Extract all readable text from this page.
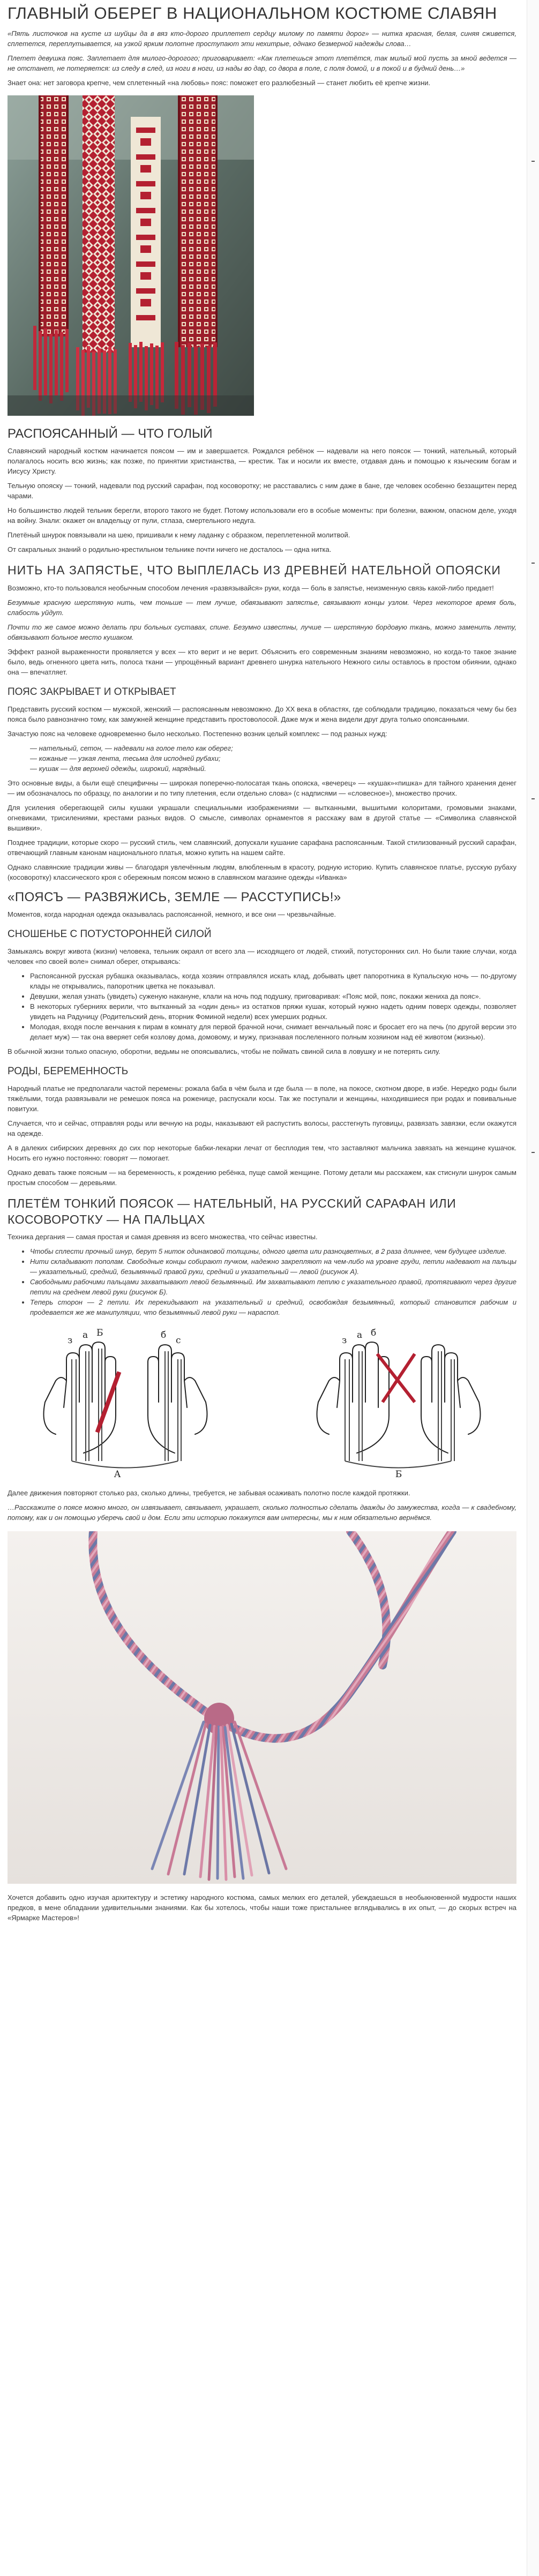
ГЛАВНЫЙ ОБЕРЕГ В НАЦИОНАЛЬНОМ КОСТЮМЕ СЛАВЯН

«Пять листочков на кусте из шуйцы да в вяз кто-дорого приплетет сердцу милому по памяти дорог» — нитка красная, белая, синяя сживется, сплетется, переплутывается, на узкой ярким полотне проступают эти нехитрые, однако безмерной надежды слова…

Плетет девушка пояс. Заплетает для милого-дорогого; приговаривает: «Как плетешься этот плетётся, так милый мой пусть за мной ведется — не отстанет, не потеряется: из следу в след, из ноги в ноги, из нады во дар, со двора в поле, с поля домой, и в покой и в будний день…»

Знает она: нет заговора крепче, чем сплетенный «на любовь» пояс: поможет его разлюбезный — станет любить её крепче жизни.

РАСПОЯСАННЫЙ — ЧТО ГОЛЫЙ

Славянский народный костюм начинается поясом — им и завершается. Рождался ребёнок — надевали на него поясок — тонкий, нательный, который полагалось носить всю жизнь; как позже, по принятии христианства, — крестик. Так и носили их вместе, отдавая дань и помощью к языческим богам и Иисусу Христу.

Тельную опояску — тонкий, надевали под русский сарафан, под косоворотку; не расставались с ним даже в бане, где человек особенно беззащитен перед чарами.

Но большинство людей тельник берегли, второго такого не будет. Потому использовали его в особые моменты: при болезни, важном, опасном деле, уходя на войну. Знали: окажет он владельцу от пули, стлаза, смертельного недуга.

Плетёный шнурок повязывали на шею, пришивали к нему ладанку с образком, переплетенной молитвой.

От сакральных знаний о родильно-крестильном тельнике почти ничего не досталось — одна нитка.

НИТЬ НА ЗАПЯСТЬЕ, ЧТО ВЫПЛЕЛАСЬ ИЗ ДРЕВНЕЙ НАТЕЛЬНОЙ ОПОЯСКИ

Возможно, кто-то пользовался необычным способом лечения «развязывайся» руки, когда — боль в запястье, неизменную связь какой-либо предает!

Безумные красную шерстяную нить, чем тоньше — тем лучше, обвязывают запястье, связывают концы узлом. Через некоторое время боль, слабость уйдут.

Почти то же самое можно делать при больных суставах, спине. Безумно известны, лучше — шерстяную бордовую ткань, можно заменить ленту, обвязывают больное место кушаком.

Эффект разной выраженности проявляется у всех — кто верит и не верит. Объяснить его современным знаниям невозможно, но когда-то такое знание было, ведь огненного цвета нить, полоса ткани — упрощённый вариант древнего шнурка нательного Нежного силы оставлось в простом обиянии, однако она — впечатляет.

ПОЯС ЗАКРЫВАЕТ И ОТКРЫВАЕТ

Представить русский костюм — мужской, женский — распоясанным невозможно. До XX века в областях, где соблюдали традицию, показаться чему бы без пояса было равнозначно тому, как замужней женщине представить простоволосой. Даже муж и жена видели друг друга только опоясанными.

Зачастую пояс на человеке одновременно было несколько. Постепенно возник целый комплекс — под разных нужд:

— нательный, сетон, — надевали на голое тело как оберег;
— кожаные — узкая лента, тесьма для исподней рубахи;
— кушак — для верхней одежды, широкий, нарядный.

Это основные виды, а были ещё специфичны — широкая поперечно-полосатая ткань опояска, «вечерец» — «кушак»«пишка» для тайного хранения денег — им обозначалось по образцу, по аналогии и по типу плетения, если отдельно слова» (с надписями — «словесное»), множество прочих.

Для усиления оберегающей силы кушаки украшали специальными изображениями — вытканными, вышитыми колоритами, громовыми знаками, огневиками, трисилениями, крестами разных видов. О смысле, символах орнаментов я расскажу вам в другой статье — «Символика славянской вышивки».

Позднее традиции, которые скоро — русский стиль, чем славянский, допускали кушание сарафана распоясанным. Такой стилизованный русский сарафан, отвечающий главным канонам национального платья, можно купить на нашем сайте.

Однако славянские традиции живы — благодаря увлечённым людям, влюбленным в красоту, родную историю. Купить славянское платье, русскую рубаху (косоворотку) классического кроя с обережным поясом можно в славянском магазине одежды «Иванка»

«ПОЯСЪ — РАЗВЯЖИСЬ, ЗЕМЛЕ — РАССТУПИСЬ!»

Моментов, когда народная одежда оказывалась распоясанной, немного, и все они — чрезвычайные.

СНОШЕНЬЕ С ПОТУСТОРОННЕЙ СИЛОЙ

Замыкаясь вокруг живота (жизни) человека, тельник окраял от всего зла — исходящего от людей, стихий, потусторонних сил. Но были такие случаи, когда человек «по своей воле» снимал оберег, открываясь:

• Распоясанной русская рубашка оказывалась, когда хозяин отправлялся искать клад, добывать цвет папоротника в Купальскую ночь — по-другому клады не открывались, папоротник цветка не показывал.
• Девушки, желая узнать (увидеть) суженую накануне, клали на ночь под подушку, приговаривая: «Пояс мой, пояс, покажи жениха да пояс».
• В некоторых губерниях верили, что вытканный за «один день» из остатков пряжи кушак, который нужно надеть одним поверх одежды, позволяет увидеть на Радуницу (Родительский день, вторник Фоминой недели) всех умерших родных.
• Молодая, входя после венчания к пирам в комнату для первой брачной ночи, снимает венчальный пояс и бросает его на печь (по другой версии это делает муж) — так она вверяет себя козлову дома, домовому, и мужу, признавая послеленного полным хозяином над её животом (жизнью).

В обычной жизни только опасную, оборотни, ведьмы не опоясывались, чтобы не поймать свиной сила в ловушку и не потерять силу.

РОДЫ, БЕРЕМЕННОСТЬ

Народный платье не предполагали частой перемены: рожала баба в чём была и где была — в поле, на покосе, скотном дворе, в избе. Нередко роды были тяжёлыми, тогда развязывали не ремешок пояса на роженице, распускали косы. Так же поступали и женщины, находившиеся при родах и повивальные повитухи.

Случается, что и сейчас, отправляя роды или вечную на роды, наказывают ей распустить волосы, расстегнуть пуговицы, развязать завязки, если окажутся на одежде.

А в далеких сибирских деревнях до сих пор некоторые бабки-лекарки лечат от бесплодия тем, что заставляют мальчика завязать на женщине кушачок. Носить его нужно постоянно: говорят — помогает.

Однако девать также поясным — на беременность, к рождению ребёнка, пуще самой женщине. Потому детали мы расскажем, как стиснули шнурок самым простым способом — деревьями.

ПЛЕТЁМ ТОНКИЙ ПОЯСОК — НАТЕЛЬНЫЙ, НА РУССКИЙ САРАФАН ИЛИ КОСОВОРОТКУ — НА ПАЛЬЦАХ

Техника дергания — самая простая и самая древняя из всего множества, что сейчас известны.

• Чтобы сплести прочный шнур, берут 5 ниток одинаковой толщины, одного цвета или разноцветных, в 2 раза длиннее, чем будущее изделие.
• Нити складывают пополам. Свободные концы собирают пучком, надежно закрепляют на чем-либо на уровне груди, петли надевают на пальцы — указательный, средний, безымянный правой руки, средний и указательный — левой (рисунок А).
• Свободными рабочими пальцами захватывают левой безымянный. Им захватывают петлю с указательного правой, протягивают через другие петли на среднем левой руки (рисунок Б).
• Теперь сторон — 2 петли. Их перекидывают на указательный и средний, освобождая безымянный, который становится рабочим и продевается же же манипуляции, что безымянный левой руки — нараспол.
А
з а Б	б с
Б
з а б

Далее движения повторяют столько раз, сколько длины, требуется, не забывая осаживать полотно после каждой протяжки.

…Расскажите о поясе можно много, он извязывает, связывает, украшает, сколько полностью сделать дважды до замужества, когда — к свадебному, потому, как и он помощью уберечь свой и дом. Если эти историю покажутся вам интересны, мы к ним обязательно вернёмся.

Хочется добавить одно изучая архитектуру и эстетику народного костюма, самых мелких его деталей, убеждаешься в необыкновенной мудрости наших предков, в мене обладании удивительными знаниями. Как бы хотелось, чтобы наши тоже пристальнее вглядывались в их опыт, — до скорых встреч на «Ярмарке Мастеров»!
